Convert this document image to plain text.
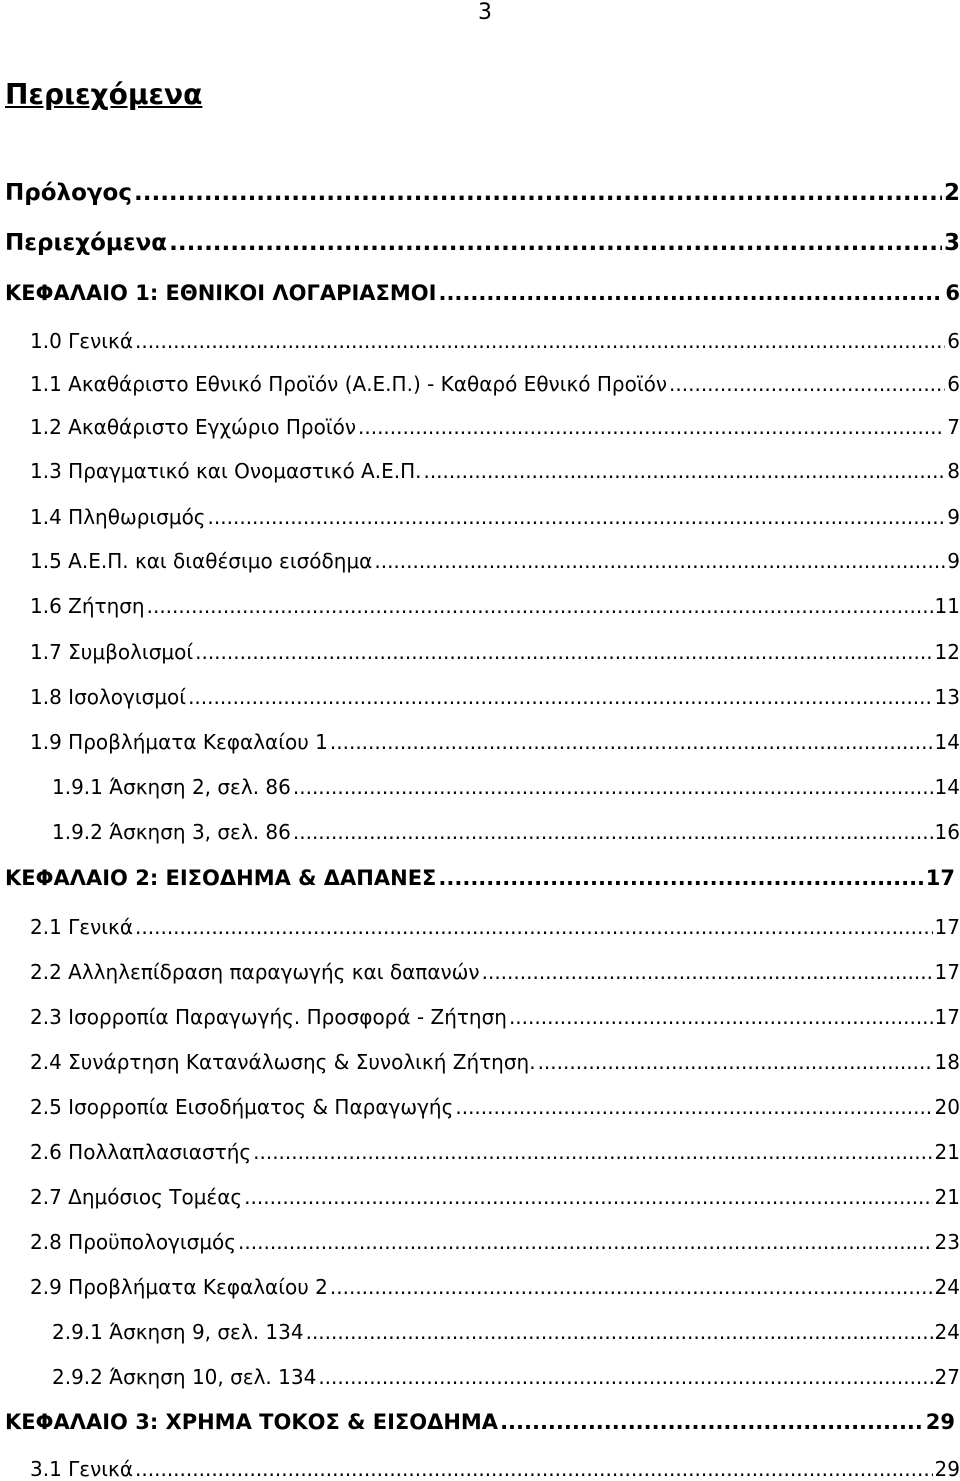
3
Περιεχόμενα
Πρόλογος .....	2
Περιεχόμενα .....	3
ΚΕΦΑΛΑΙΟ 1: ΕΘΝΙΚΟΙ ΛΟΓΑΡΙΑΣΜΟΙ .....	6
1.0 Γενικά .....	6
1.1 Ακαθάριστο Εθνικό Προϊόν (Α.Ε.Π.) - Καθαρό Εθνικό Προϊόν .....	6
1.2 Ακαθάριστο Εγχώριο Προϊόν .....	7
1.3 Πραγματικό και Ονομαστικό Α.Ε.Π. .....	8
1.4 Πληθωρισμός .....	9
1.5 Α.Ε.Π. και διαθέσιμο εισόδημα .....	9
1.6 Ζήτηση .....	11
1.7 Συμβολισμοί .....	12
1.8 Ισολογισμοί .....	13
1.9 Προβλήματα Κεφαλαίου 1 .....	14
1.9.1 Άσκηση 2, σελ. 86 .....	14
1.9.2 Άσκηση 3, σελ. 86 .....	16
ΚΕΦΑΛΑΙΟ 2: ΕΙΣΟΔΗΜΑ & ΔΑΠΑΝΕΣ .....	17
2.1 Γενικά .....	17
2.2 Αλληλεπίδραση παραγωγής και δαπανών .....	17
2.3 Ισορροπία Παραγωγής. Προσφορά - Ζήτηση .....	17
2.4 Συνάρτηση Κατανάλωσης & Συνολική Ζήτηση. .....	18
2.5 Ισορροπία Εισοδήματος & Παραγωγής .....	20
2.6 Πολλαπλασιαστής .....	21
2.7 Δημόσιος Τομέας .....	21
2.8 Προϋπολογισμός .....	23
2.9 Προβλήματα Κεφαλαίου 2 .....	24
2.9.1 Άσκηση 9, σελ. 134 .....	24
2.9.2 Άσκηση 10, σελ. 134 .....	27
ΚΕΦΑΛΑΙΟ 3: ΧΡΗΜΑ ΤΟΚΟΣ & ΕΙΣΟΔΗΜΑ .....	29
3.1 Γενικά .....	29
